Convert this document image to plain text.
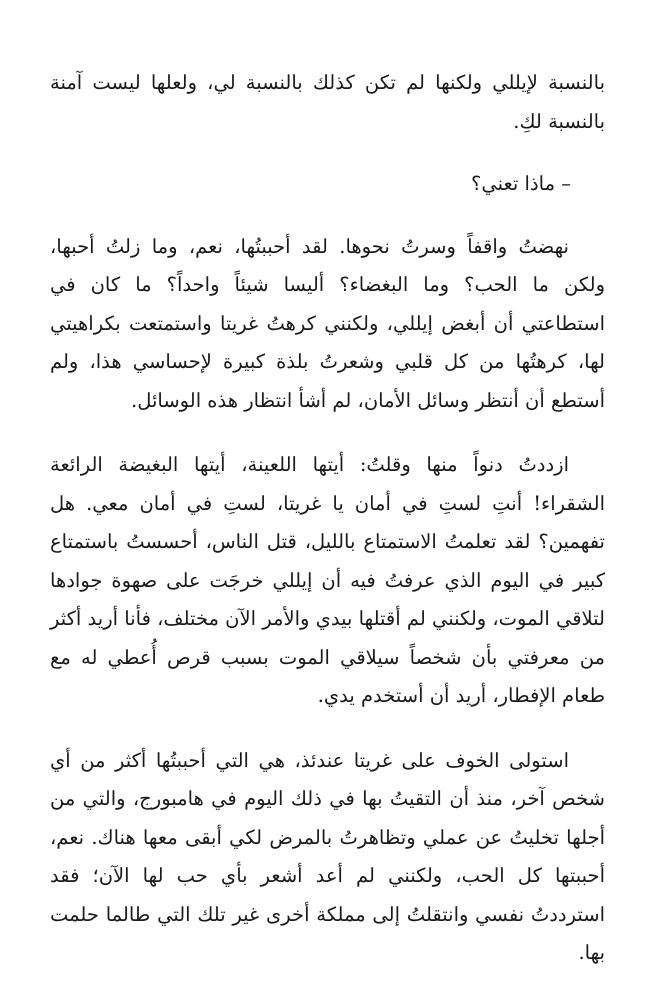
بالنسبة لإيللي ولكنها لم تكن كذلك بالنسبة لي، ولعلها ليست آمنة بالنسبة لكِ.

– ماذا تعني؟

نهضتُ واقفاً وسرتُ نحوها. لقد أحببتُها، نعم، وما زلتُ أحبها، ولكن ما الحب؟ وما البغضاء؟ أليسا شيئاً واحداً؟ ما كان في استطاعتي أن أبغض إيللي، ولكنني كرهتُ غريتا واستمتعت بكراهيتي لها، كرهتُها من كل قلبي وشعرتُ بلذة كبيرة لإحساسي هذا، ولم أستطع أن أنتظر وسائل الأمان، لم أشأ انتظار هذه الوسائل.

ازددتُ دنواً منها وقلتُ: أيتها اللعينة، أيتها البغيضة الرائعة الشقراء! أنتِ لستِ في أمان يا غريتا، لستِ في أمان معي. هل تفهمين؟ لقد تعلمتُ الاستمتاع بالليل، قتل الناس، أحسستُ باستمتاع كبير في اليوم الذي عرفتُ فيه أن إيللي خرجَت على صهوة جوادها لتلاقي الموت، ولكنني لم أقتلها بيدي والأمر الآن مختلف، فأنا أريد أكثر من معرفتي بأن شخصاً سيلاقي الموت بسبب قرص أُعطي له مع طعام الإفطار، أريد أن أستخدم يدي.

استولى الخوف على غريتا عندئذ، هي التي أحببتُها أكثر من أي شخص آخر، منذ أن التقيتُ بها في ذلك اليوم في هامبورج، والتي من أجلها تخليتُ عن عملي وتظاهرتُ بالمرض لكي أبقى معها هناك. نعم، أحببتها كل الحب، ولكنني لم أعد أشعر بأي حب لها الآن؛ فقد استرددتُ نفسي وانتقلتُ إلى مملكة أخرى غير تلك التي طالما حلمت بها.
